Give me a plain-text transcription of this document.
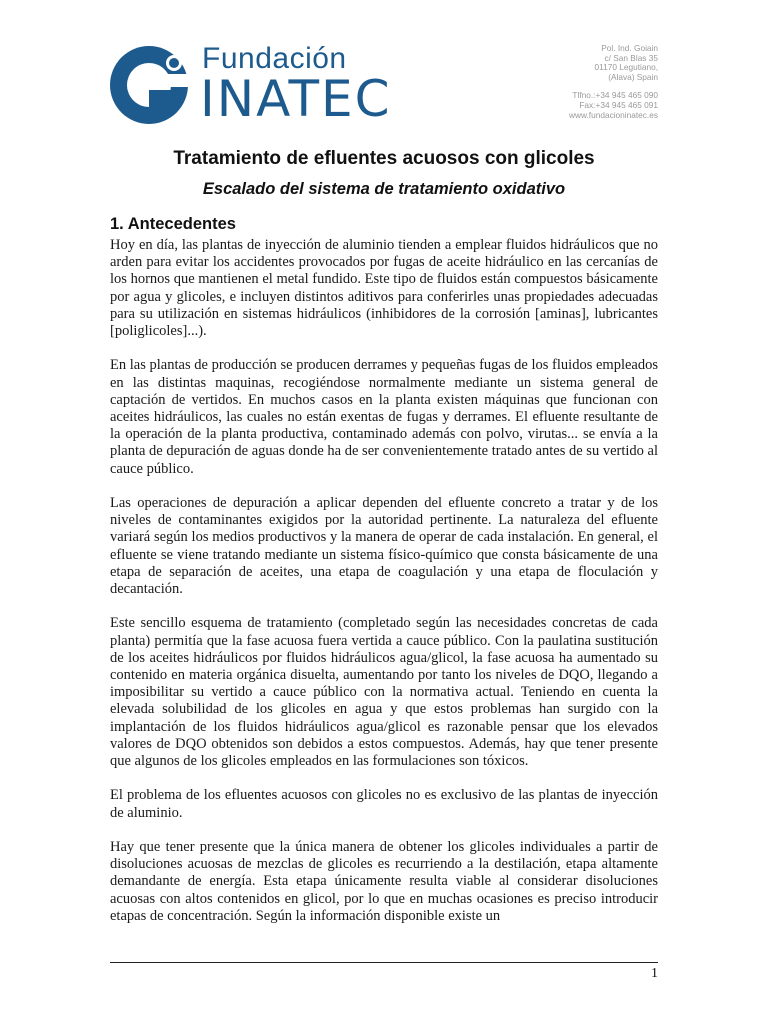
Fundación
INATEC
Pol. Ind. Goiain
c/ San Blas 35
01170 Legutiano,
(Alava) Spain
Tlfno.:+34 945 465 090
Fax:+34 945 465 091
www.fundacioninatec.es
Tratamiento de efluentes acuosos con glicoles
Escalado del sistema de tratamiento oxidativo
1. Antecedentes

Hoy en día, las plantas de inyección de aluminio tienden a emplear fluidos hidráulicos que no arden para evitar los accidentes provocados por fugas de aceite hidráulico en las cercanías de los hornos que mantienen el metal fundido. Este tipo de fluidos están compuestos básicamente por agua y glicoles, e incluyen distintos aditivos para conferirles unas propiedades adecuadas para su utilización en sistemas hidráulicos (inhibidores de la corrosión [aminas], lubricantes [poliglicoles]...).

En las plantas de producción se producen derrames y pequeñas fugas de los fluidos empleados en las distintas maquinas, recogiéndose normalmente mediante un sistema general de captación de vertidos. En muchos casos en la planta existen máquinas que funcionan con aceites hidráulicos, las cuales no están exentas de fugas y derrames. El efluente resultante de la operación de la planta productiva, contaminado además con polvo, virutas... se envía a la planta de depuración de aguas donde ha de ser convenientemente tratado antes de su vertido al cauce público.

Las operaciones de depuración a aplicar dependen del efluente concreto a tratar y de los niveles de contaminantes exigidos por la autoridad pertinente. La naturaleza del efluente variará según los medios productivos y la manera de operar de cada instalación. En general, el efluente se viene tratando mediante un sistema físico-químico que consta básicamente de una etapa de separación de aceites, una etapa de coagulación y una etapa de floculación y decantación.

Este sencillo esquema de tratamiento (completado según las necesidades concretas de cada planta) permitía que la fase acuosa fuera vertida a cauce público. Con la paulatina sustitución de los aceites hidráulicos por fluidos hidráulicos agua/glicol, la fase acuosa ha aumentado su contenido en materia orgánica disuelta, aumentando por tanto los niveles de DQO, llegando a imposibilitar su vertido a cauce público con la normativa actual. Teniendo en cuenta la elevada solubilidad de los glicoles en agua y que estos problemas han surgido con la implantación de los fluidos hidráulicos agua/glicol es razonable pensar que los elevados valores de DQO obtenidos son debidos a estos compuestos. Además, hay que tener presente que algunos de los glicoles empleados en las formulaciones son tóxicos.

El problema de los efluentes acuosos con glicoles no es exclusivo de las plantas de inyección de aluminio.

Hay que tener presente que la única manera de obtener los glicoles individuales a partir de disoluciones acuosas de mezclas de glicoles es recurriendo a la destilación, etapa altamente demandante de energía. Esta etapa únicamente resulta viable al considerar disoluciones acuosas con altos contenidos en glicol, por lo que en muchas ocasiones es preciso introducir etapas de concentración. Según la información disponible existe un

1
